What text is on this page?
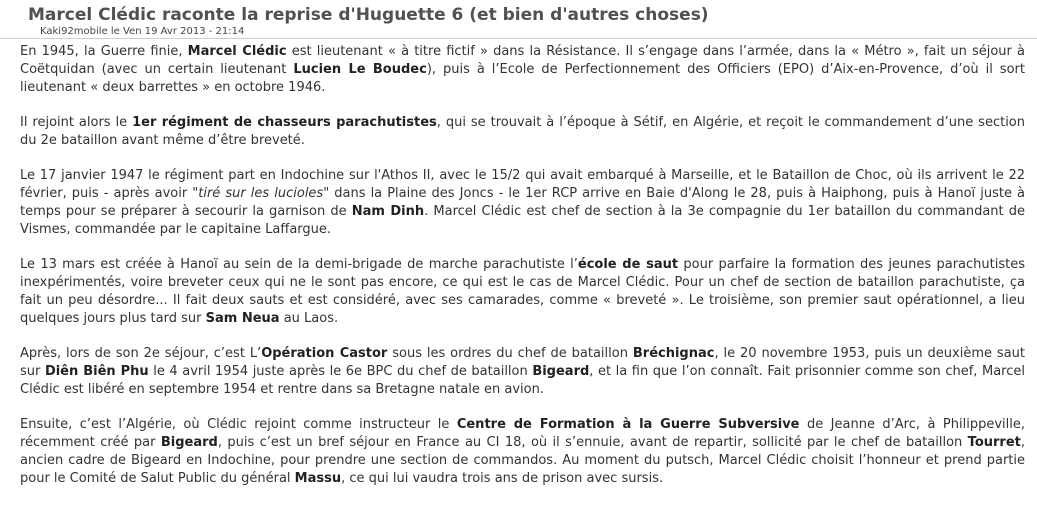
Marcel Clédic raconte la reprise d'Huguette 6 (et bien d'autres choses)

Kaki92mobile le Ven 19 Avr 2013 - 21:14

En 1945, la Guerre finie, Marcel Clédic est lieutenant « à titre fictif » dans la Résistance. Il s’engage dans l’armée, dans la « Métro », fait un séjour à Coëtquidan (avec un certain lieutenant Lucien Le Boudec), puis à l’Ecole de Perfectionnement des Officiers (EPO) d’Aix-en-Provence, d’où il sort lieutenant « deux barrettes » en octobre 1946.

Il rejoint alors le 1er régiment de chasseurs parachutistes, qui se trouvait à l’époque à Sétif, en Algérie, et reçoit le commandement d’une section du 2e bataillon avant même d’être breveté.

Le 17 janvier 1947 le régiment part en Indochine sur l'Athos II, avec le 15/2 qui avait embarqué à Marseille, et le Bataillon de Choc, où ils arrivent le 22 février, puis - après avoir "tiré sur les lucioles" dans la Plaine des Joncs - le 1er RCP arrive en Baie d'Along le 28, puis à Haiphong, puis à Hanoï juste à temps pour se préparer à secourir la garnison de Nam Dinh. Marcel Clédic est chef de section à la 3e compagnie du 1er bataillon du commandant de Vismes, commandée par le capitaine Laffargue.

Le 13 mars est créée à Hanoï au sein de la demi-brigade de marche parachutiste l’école de saut pour parfaire la formation des jeunes parachutistes inexpérimentés, voire breveter ceux qui ne le sont pas encore, ce qui est le cas de Marcel Clédic. Pour un chef de section de bataillon parachutiste, ça fait un peu désordre... Il fait deux sauts et est considéré, avec ses camarades, comme « breveté ». Le troisième, son premier saut opérationnel, a lieu quelques jours plus tard sur Sam Neua au Laos.

Après, lors de son 2e séjour, c’est L’Opération Castor sous les ordres du chef de bataillon Bréchignac, le 20 novembre 1953, puis un deuxième saut sur Diên Biên Phu le 4 avril 1954 juste après le 6e BPC du chef de bataillon Bigeard, et la fin que l’on connaît. Fait prisonnier comme son chef, Marcel Clédic est libéré en septembre 1954 et rentre dans sa Bretagne natale en avion.

Ensuite, c’est l’Algérie, où Clédic rejoint comme instructeur le Centre de Formation à la Guerre Subversive de Jeanne d’Arc, à Philippeville, récemment créé par Bigeard, puis c’est un bref séjour en France au CI 18, où il s’ennuie, avant de repartir, sollicité par le chef de bataillon Tourret, ancien cadre de Bigeard en Indochine, pour prendre une section de commandos. Au moment du putsch, Marcel Clédic choisit l’honneur et prend partie pour le Comité de Salut Public du général Massu, ce qui lui vaudra trois ans de prison avec sursis.
